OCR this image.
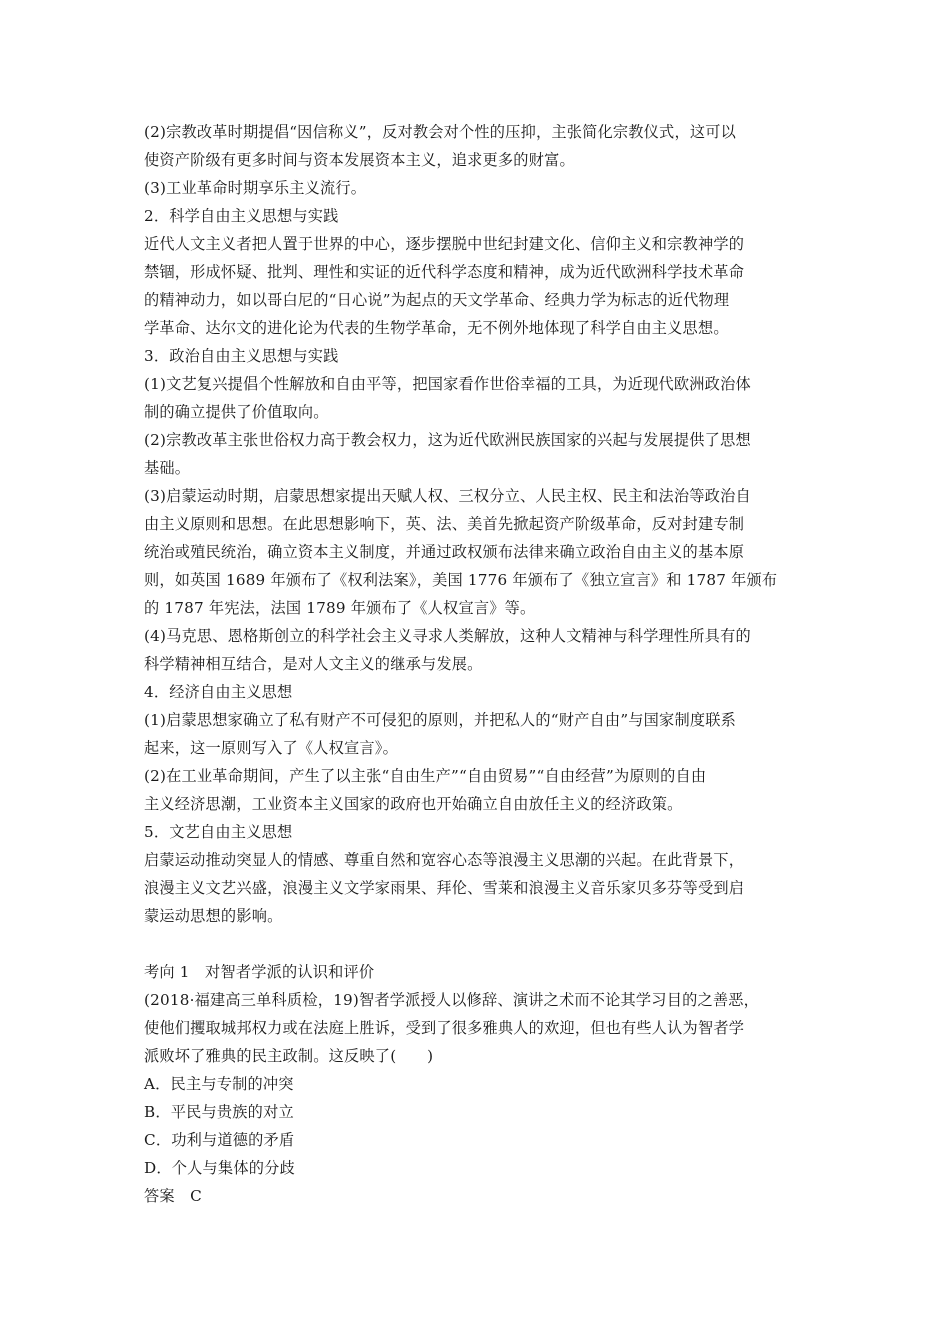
(2)宗教改革时期提倡“因信称义”，反对教会对个性的压抑，主张简化宗教仪式，这可以
使资产阶级有更多时间与资本发展资本主义，追求更多的财富。
(3)工业革命时期享乐主义流行。
2．科学自由主义思想与实践
近代人文主义者把人置于世界的中心，逐步摆脱中世纪封建文化、信仰主义和宗教神学的
禁锢，形成怀疑、批判、理性和实证的近代科学态度和精神，成为近代欧洲科学技术革命
的精神动力，如以哥白尼的“日心说”为起点的天文学革命、经典力学为标志的近代物理
学革命、达尔文的进化论为代表的生物学革命，无不例外地体现了科学自由主义思想。
3．政治自由主义思想与实践
(1)文艺复兴提倡个性解放和自由平等，把国家看作世俗幸福的工具，为近现代欧洲政治体
制的确立提供了价值取向。
(2)宗教改革主张世俗权力高于教会权力，这为近代欧洲民族国家的兴起与发展提供了思想
基础。
(3)启蒙运动时期，启蒙思想家提出天赋人权、三权分立、人民主权、民主和法治等政治自
由主义原则和思想。在此思想影响下，英、法、美首先掀起资产阶级革命，反对封建专制
统治或殖民统治，确立资本主义制度，并通过政权颁布法律来确立政治自由主义的基本原
则，如英国 1689 年颁布了《权利法案》，美国 1776 年颁布了《独立宣言》和 1787 年颁布
的 1787 年宪法，法国 1789 年颁布了《人权宣言》等。
(4)马克思、恩格斯创立的科学社会主义寻求人类解放，这种人文精神与科学理性所具有的
科学精神相互结合，是对人文主义的继承与发展。
4．经济自由主义思想
(1)启蒙思想家确立了私有财产不可侵犯的原则，并把私人的“财产自由”与国家制度联系
起来，这一原则写入了《人权宣言》。
(2)在工业革命期间，产生了以主张“自由生产”“自由贸易”“自由经营”为原则的自由
主义经济思潮，工业资本主义国家的政府也开始确立自由放任主义的经济政策。
5．文艺自由主义思想
启蒙运动推动突显人的情感、尊重自然和宽容心态等浪漫主义思潮的兴起。在此背景下，
浪漫主义文艺兴盛，浪漫主义文学家雨果、拜伦、雪莱和浪漫主义音乐家贝多芬等受到启
蒙运动思想的影响。
考向 1　对智者学派的认识和评价
(2018·福建高三单科质检，19)智者学派授人以修辞、演讲之术而不论其学习目的之善恶，
使他们攫取城邦权力或在法庭上胜诉，受到了很多雅典人的欢迎，但也有些人认为智者学
派败坏了雅典的民主政制。这反映了(　　)
A．民主与专制的冲突
B．平民与贵族的对立
C．功利与道德的矛盾
D．个人与集体的分歧
答案　C
